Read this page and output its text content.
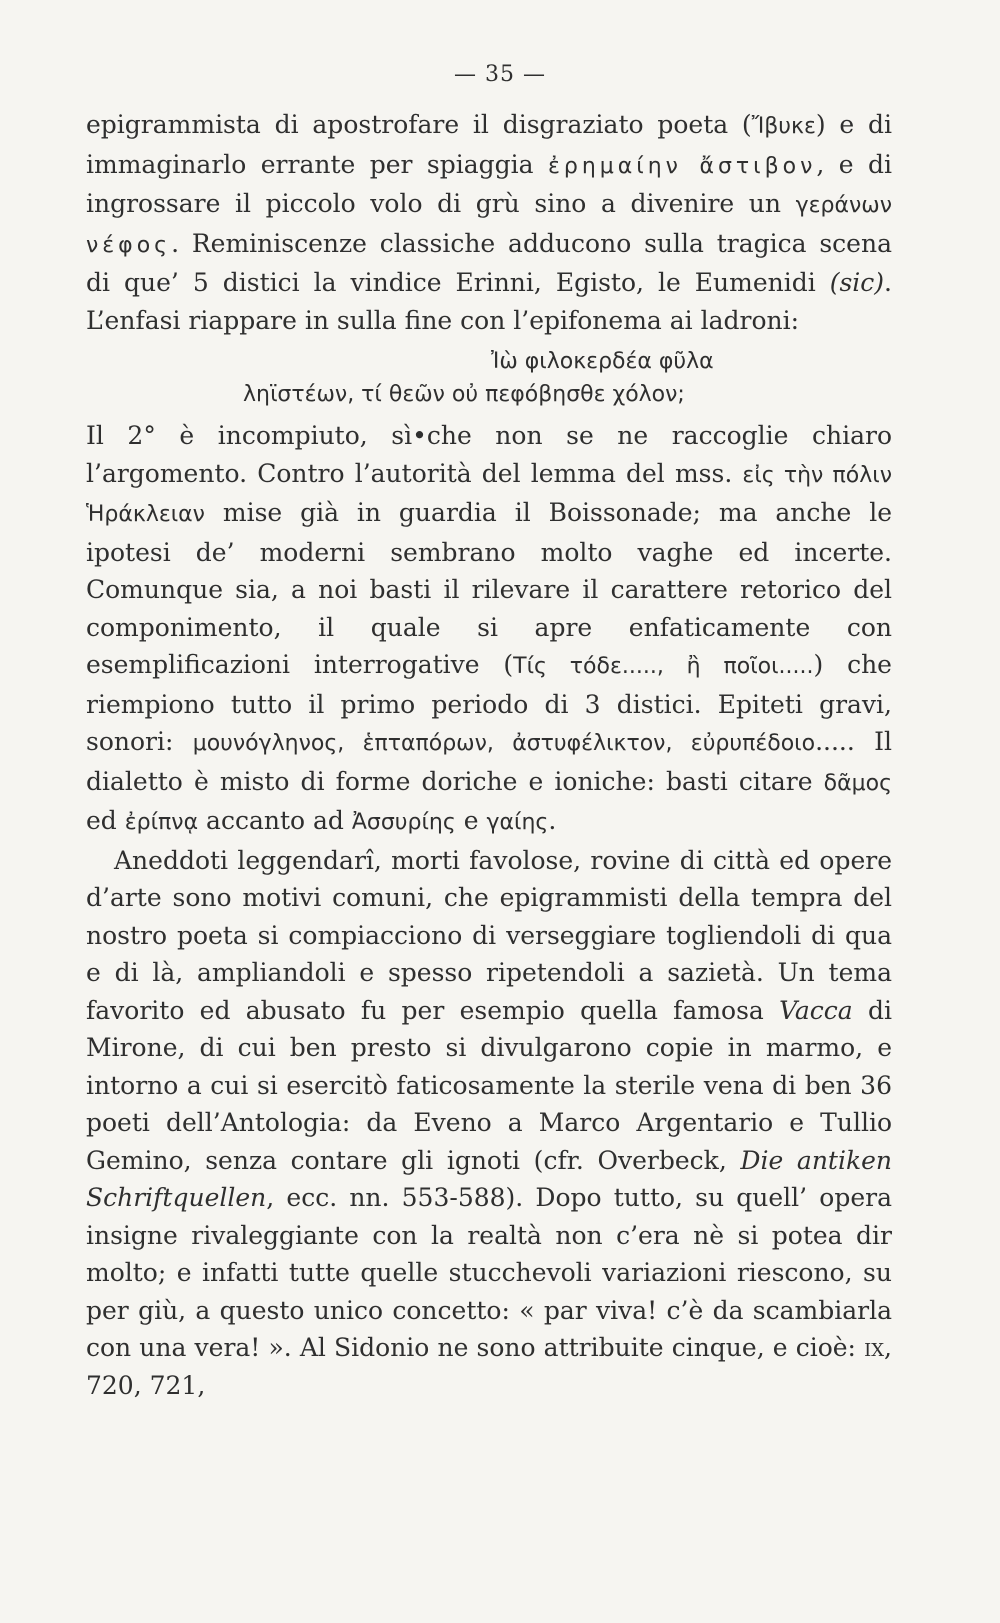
— 35 —

epigrammista di apostrofare il disgraziato poeta (Ἴβυκε) e di immaginarlo errante per spiaggia ἐρημαίην ἄστιβον, e di ingrossare il piccolo volo di grù sino a divenire un γεράνων νέφος. Reminiscenze classiche adducono sulla tragica scena di que’ 5 distici la vindice Erinni, Egisto, le Eumenidi (sic). L’enfasi riappare in sulla fine con l’epifonema ai ladroni:

Ἰὼ φιλοκερδέα φῦλα
ληϊστέων, τί θεῶν οὐ πεφόβησθε χόλον;

Il 2° è incompiuto, sì•che non se ne raccoglie chiaro l’argomento. Contro l’autorità del lemma del mss. εἰς τὴν πόλιν Ἡράκλειαν mise già in guardia il Boissonade; ma anche le ipotesi de’ moderni sembrano molto vaghe ed incerte. Comunque sia, a noi basti il rilevare il carattere retorico del componimento, il quale si apre enfaticamente con esemplificazioni interrogative (Τίς τόδε....., ἢ ποῖοι.....) che riempiono tutto il primo periodo di 3 distici. Epiteti gravi, sonori: μουνόγληνος, ἑπταπόρων, ἀστυφέλικτον, εὐρυπέδοιο..... Il dialetto è misto di forme doriche e ioniche: basti citare δᾶμος ed ἐρίπνᾳ accanto ad Ἀσσυρίης e γαίης.

Aneddoti leggendarî, morti favolose, rovine di città ed opere d’arte sono motivi comuni, che epigrammisti della tempra del nostro poeta si compiacciono di verseggiare togliendoli di qua e di là, ampliandoli e spesso ripetendoli a sazietà. Un tema favorito ed abusato fu per esempio quella famosa Vacca di Mirone, di cui ben presto si divulgarono copie in marmo, e intorno a cui si esercitò faticosamente la sterile vena di ben 36 poeti dell’Antologia: da Eveno a Marco Argentario e Tullio Gemino, senza contare gli ignoti (cfr. Overbeck, Die antiken Schriftquellen, ecc. nn. 553-588). Dopo tutto, su quell’ opera insigne rivaleggiante con la realtà non c’era nè si potea dir molto; e infatti tutte quelle stucchevoli variazioni riescono, su per giù, a questo unico concetto: « par viva! c’è da scambiarla con una vera! ». Al Sidonio ne sono attribuite cinque, e cioè: ix, 720, 721,
